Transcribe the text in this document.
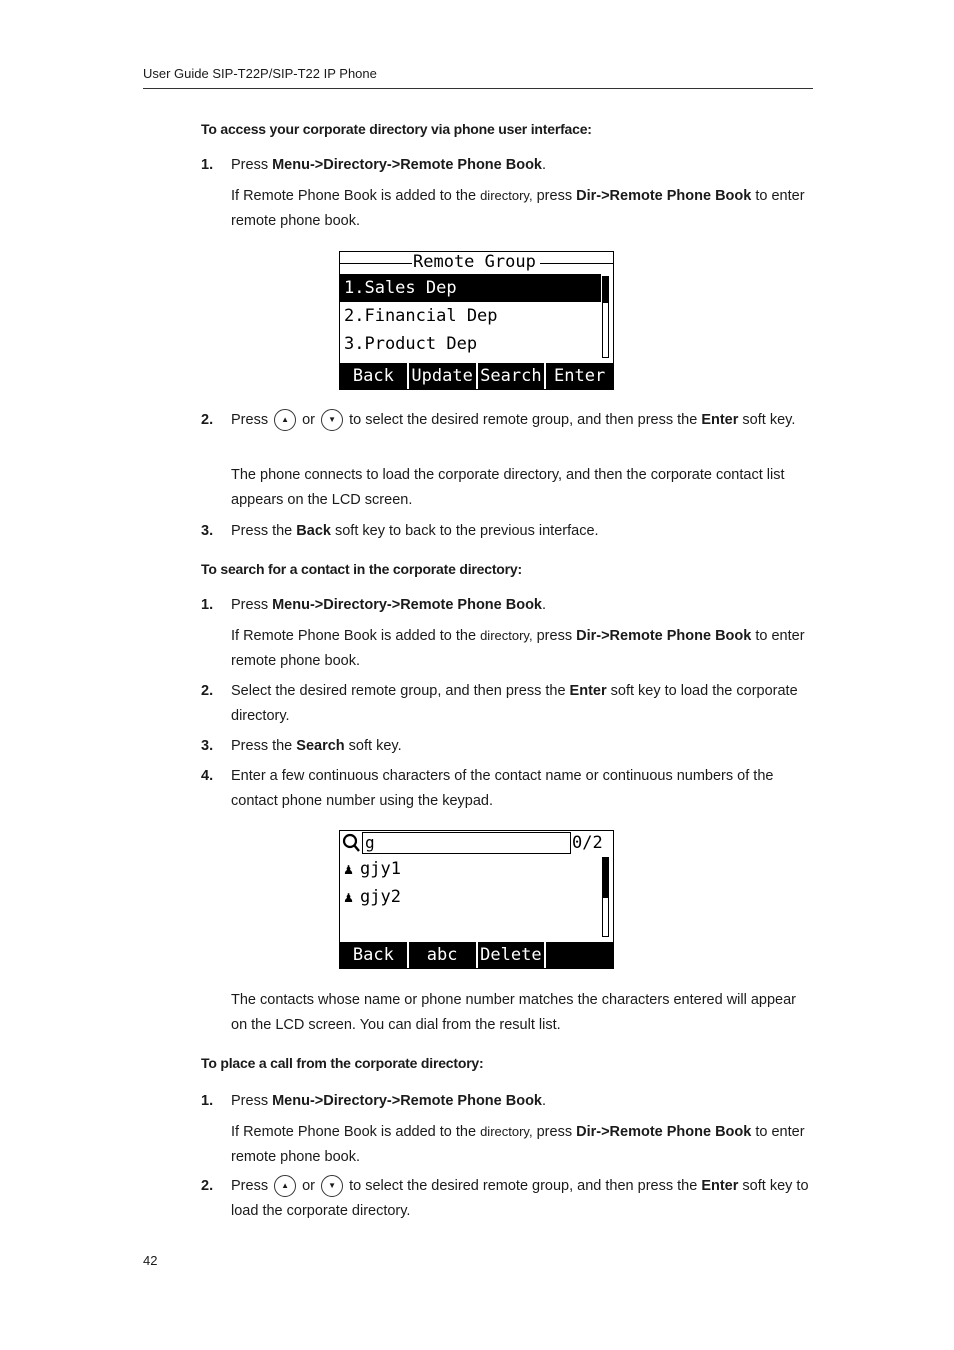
User Guide SIP-T22P/SIP-T22 IP Phone
To access your corporate directory via phone user interface:
1. Press Menu->Directory->Remote Phone Book.
If Remote Phone Book is added to the directory, press Dir->Remote Phone Book to enter remote phone book.
Remote Group
1.Sales Dep
2.Financial Dep
3.Product Dep
Back	Update Search Enter
2. Press ▲ or ▼ to select the desired remote group, and then press the Enter soft key.
The phone connects to load the corporate directory, and then the corporate contact list appears on the LCD screen.
3. Press the Back soft key to back to the previous interface.
To search for a contact in the corporate directory:
1. Press Menu->Directory->Remote Phone Book.
If Remote Phone Book is added to the directory, press Dir->Remote Phone Book to enter remote phone book.
2. Select the desired remote group, and then press the Enter soft key to load the corporate directory.
3. Press the Search soft key.
4. Enter a few continuous characters of the contact name or continuous numbers of the contact phone number using the keypad.
g	0/2
♟ gjy1
♟ gjy2
Back	abc	Delete
The contacts whose name or phone number matches the characters entered will appear on the LCD screen. You can dial from the result list.
To place a call from the corporate directory:
1. Press Menu->Directory->Remote Phone Book.
If Remote Phone Book is added to the directory, press Dir->Remote Phone Book to enter remote phone book.
2. Press ▲ or ▼ to select the desired remote group, and then press the Enter soft key to load the corporate directory.
42
